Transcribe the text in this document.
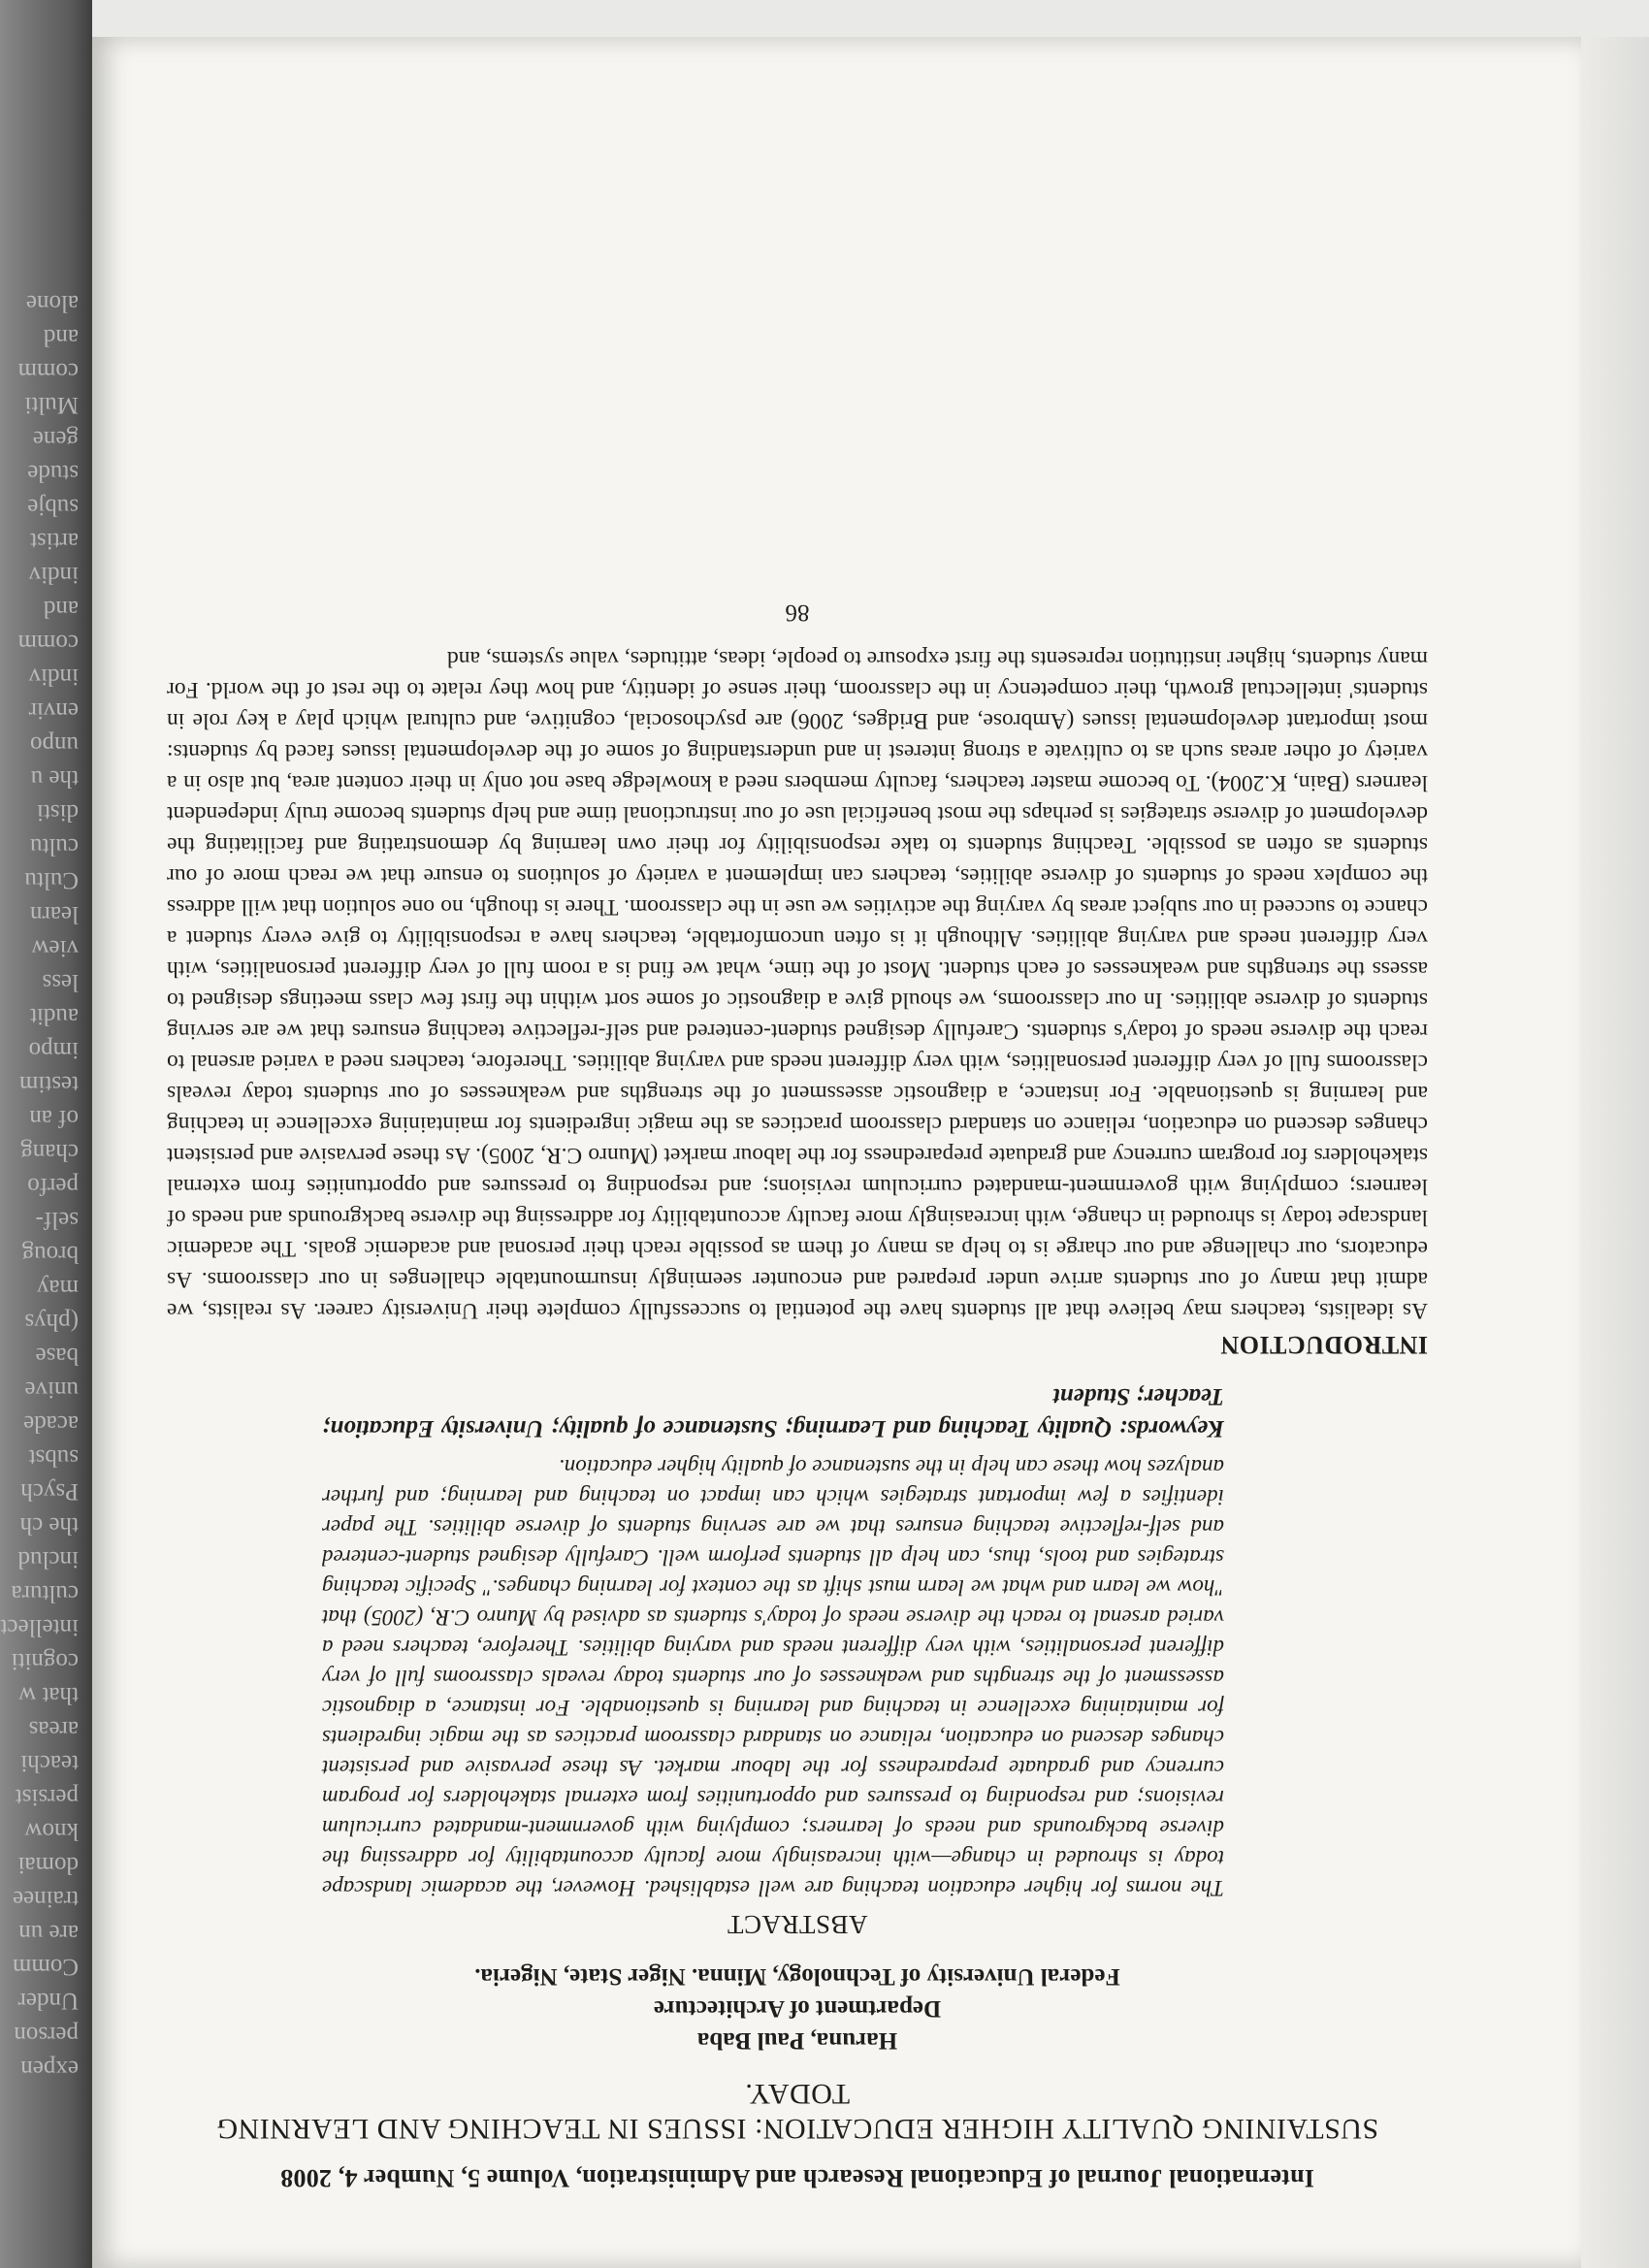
expen
person
Under
Comm
are un
trainee
domai
know
persist
teachi
areas
that w
cogniti
intellect
cultura
includ
the ch
Psych
subst
acade
unive
base
(phys
may
broug
self-
perfo
chang
of an
testim
impo
audit
less
view
learn
Cultu
cultu
disti
the u
unpo
envir
indiv
comm
and
indiv
artist
subje
stude
gene
Multi
comm
and
alone
International Journal of Educational Research and Administration, Volume 5, Number 4, 2008
SUSTAINING QUALITY HIGHER EDUCATION: ISSUES IN TEACHING AND LEARNING TODAY.
Haruna, Paul Baba
Department of Architecture
Federal University of Technology, Minna. Niger State, Nigeria.
ABSTRACT

The norms for higher education teaching are well established. However, the academic landscape today is shrouded in change—with increasingly more faculty accountability for addressing the diverse backgrounds and needs of learners; complying with government-mandated curriculum revisions; and responding to pressures and opportunities from external stakeholders for program currency and graduate preparedness for the labour market. As these pervasive and persistent changes descend on education, reliance on standard classroom practices as the magic ingredients for maintaining excellence in teaching and learning is questionable. For instance, a diagnostic assessment of the strengths and weaknesses of our students today reveals classrooms full of very different personalities, with very different needs and varying abilities. Therefore, teachers need a varied arsenal to reach the diverse needs of today's students as advised by Munro C.R, (2005) that "how we learn and what we learn must shift as the context for learning changes." Specific teaching strategies and tools, thus, can help all students perform well. Carefully designed student-centered and self-reflective teaching ensures that we are serving students of diverse abilities. The paper identifies a few important strategies which can impact on teaching and learning; and further analyzes how these can help in the sustenance of quality higher education.

Keywords: Quality Teaching and Learning; Sustenance of quality; University Education; Teacher; Student

INTRODUCTION

As idealists, teachers may believe that all students have the potential to successfully complete their University career. As realists, we admit that many of our students arrive under prepared and encounter seemingly insurmountable challenges in our classrooms. As educators, our challenge and our charge is to help as many of them as possible reach their personal and academic goals. The academic landscape today is shrouded in change, with increasingly more faculty accountability for addressing the diverse backgrounds and needs of learners; complying with government-mandated curriculum revisions; and responding to pressures and opportunities from external stakeholders for program currency and graduate preparedness for the labour market (Munro C.R, 2005). As these pervasive and persistent changes descend on education, reliance on standard classroom practices as the magic ingredients for maintaining excellence in teaching and learning is questionable. For instance, a diagnostic assessment of the strengths and weaknesses of our students today reveals classrooms full of very different personalities, with very different needs and varying abilities. Therefore, teachers need a varied arsenal to reach the diverse needs of today's students. Carefully designed student-centered and self-reflective teaching ensures that we are serving students of diverse abilities. In our classrooms, we should give a diagnostic of some sort within the first few class meetings designed to assess the strengths and weaknesses of each student. Most of the time, what we find is a room full of very different personalities, with very different needs and varying abilities. Although it is often uncomfortable, teachers have a responsibility to give every student a chance to succeed in our subject areas by varying the activities we use in the classroom. There is though, no one solution that will address the complex needs of students of diverse abilities, teachers can implement a variety of solutions to ensure that we reach more of our students as often as possible. Teaching students to take responsibility for their own learning by demonstrating and facilitating the development of diverse strategies is perhaps the most beneficial use of our instructional time and help students become truly independent learners (Bain, K.2004). To become master teachers, faculty members need a knowledge base not only in their content area, but also in a variety of other areas such as to cultivate a strong interest in and understanding of some of the developmental issues faced by students: most important developmental issues (Ambrose, and Bridges, 2006) are psychosocial, cognitive, and cultural which play a key role in students' intellectual growth, their competency in the classroom, their sense of identity, and how they relate to the rest of the world. For many students, higher institution represents the first exposure to people, ideas, attitudes, value systems, and

86
